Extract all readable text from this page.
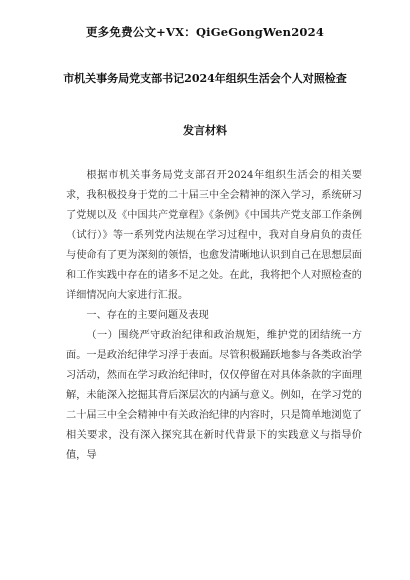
更多免费公文+VX：QiGeGongWen2024
市机关事务局党支部书记2024年组织生活会个人对照检查
发言材料

根据市机关事务局党支部召开2024年组织生活会的相关要求，我积极投身于党的二十届三中全会精神的深入学习，系统研习了党规以及《中国共产党章程》《条例》《中国共产党支部工作条例（试行）》等一系列党内法规在学习过程中，我对自身肩负的责任与使命有了更为深刻的领悟，也愈发清晰地认识到自己在思想层面和工作实践中存在的诸多不足之处。在此，我将把个人对照检查的详细情况向大家进行汇报。

一、存在的主要问题及表现

（一）围绕严守政治纪律和政治规矩，维护党的团结统一方面。一是政治纪律学习浮于表面。尽管积极踊跃地参与各类政治学习活动，然而在学习政治纪律时，仅仅停留在对具体条款的字面理解，未能深入挖掘其背后深层次的内涵与意义。例如，在学习党的二十届三中全会精神中有关政治纪律的内容时，只是简单地浏览了相关要求，没有深入探究其在新时代背景下的实践意义与指导价值，导
